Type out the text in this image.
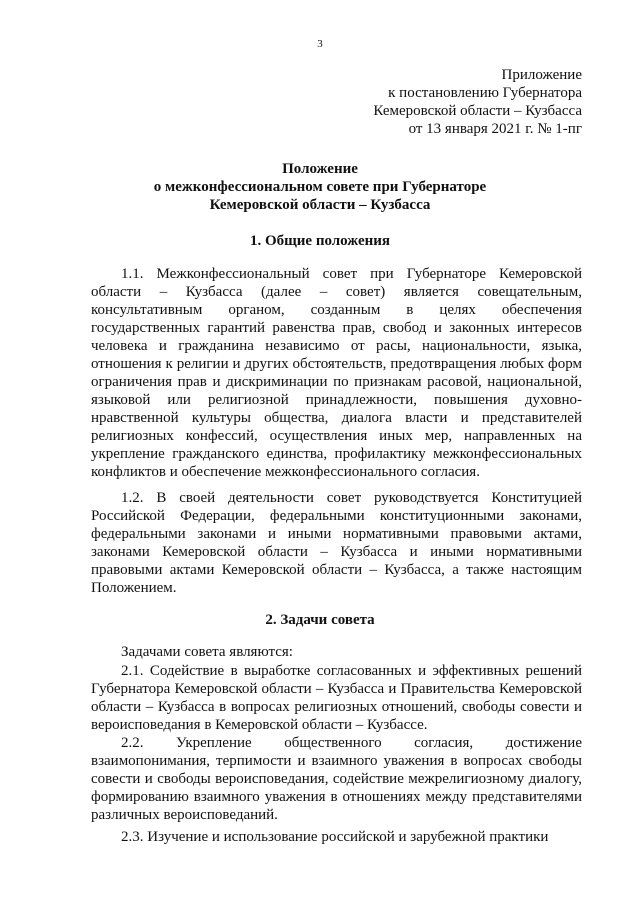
3
Приложение
к постановлению Губернатора
Кемеровской области – Кузбасса
от 13 января 2021 г. № 1-пг
Положение
о межконфессиональном совете при Губернаторе
Кемеровской области – Кузбасса
1. Общие положения

1.1. Межконфессиональный совет при Губернаторе Кемеровской области – Кузбасса (далее – совет) является совещательным, консультативным органом, созданным в целях обеспечения государственных гарантий равенства прав, свобод и законных интересов человека и гражданина независимо от расы, национальности, языка, отношения к религии и других обстоятельств, предотвращения любых форм ограничения прав и дискриминации по признакам расовой, национальной, языковой или религиозной принадлежности, повышения духовно-нравственной культуры общества, диалога власти и представителей религиозных конфессий, осуществления иных мер, направленных на укрепление гражданского единства, профилактику межконфессиональных конфликтов и обеспечение межконфессионального согласия.

1.2. В своей деятельности совет руководствуется Конституцией Российской Федерации, федеральными конституционными законами, федеральными законами и иными нормативными правовыми актами, законами Кемеровской области – Кузбасса и иными нормативными правовыми актами Кемеровской области – Кузбасса, а также настоящим Положением.

2. Задачи совета

Задачами совета являются:

2.1. Содействие в выработке согласованных и эффективных решений Губернатора Кемеровской области – Кузбасса и Правительства Кемеровской области – Кузбасса в вопросах религиозных отношений, свободы совести и вероисповедания в Кемеровской области – Кузбассе.

2.2. Укрепление общественного согласия, достижение взаимопонимания, терпимости и взаимного уважения в вопросах свободы совести и свободы вероисповедания, содействие межрелигиозному диалогу, формированию взаимного уважения в отношениях между представителями различных вероисповеданий.

2.3. Изучение и использование российской и зарубежной практики
